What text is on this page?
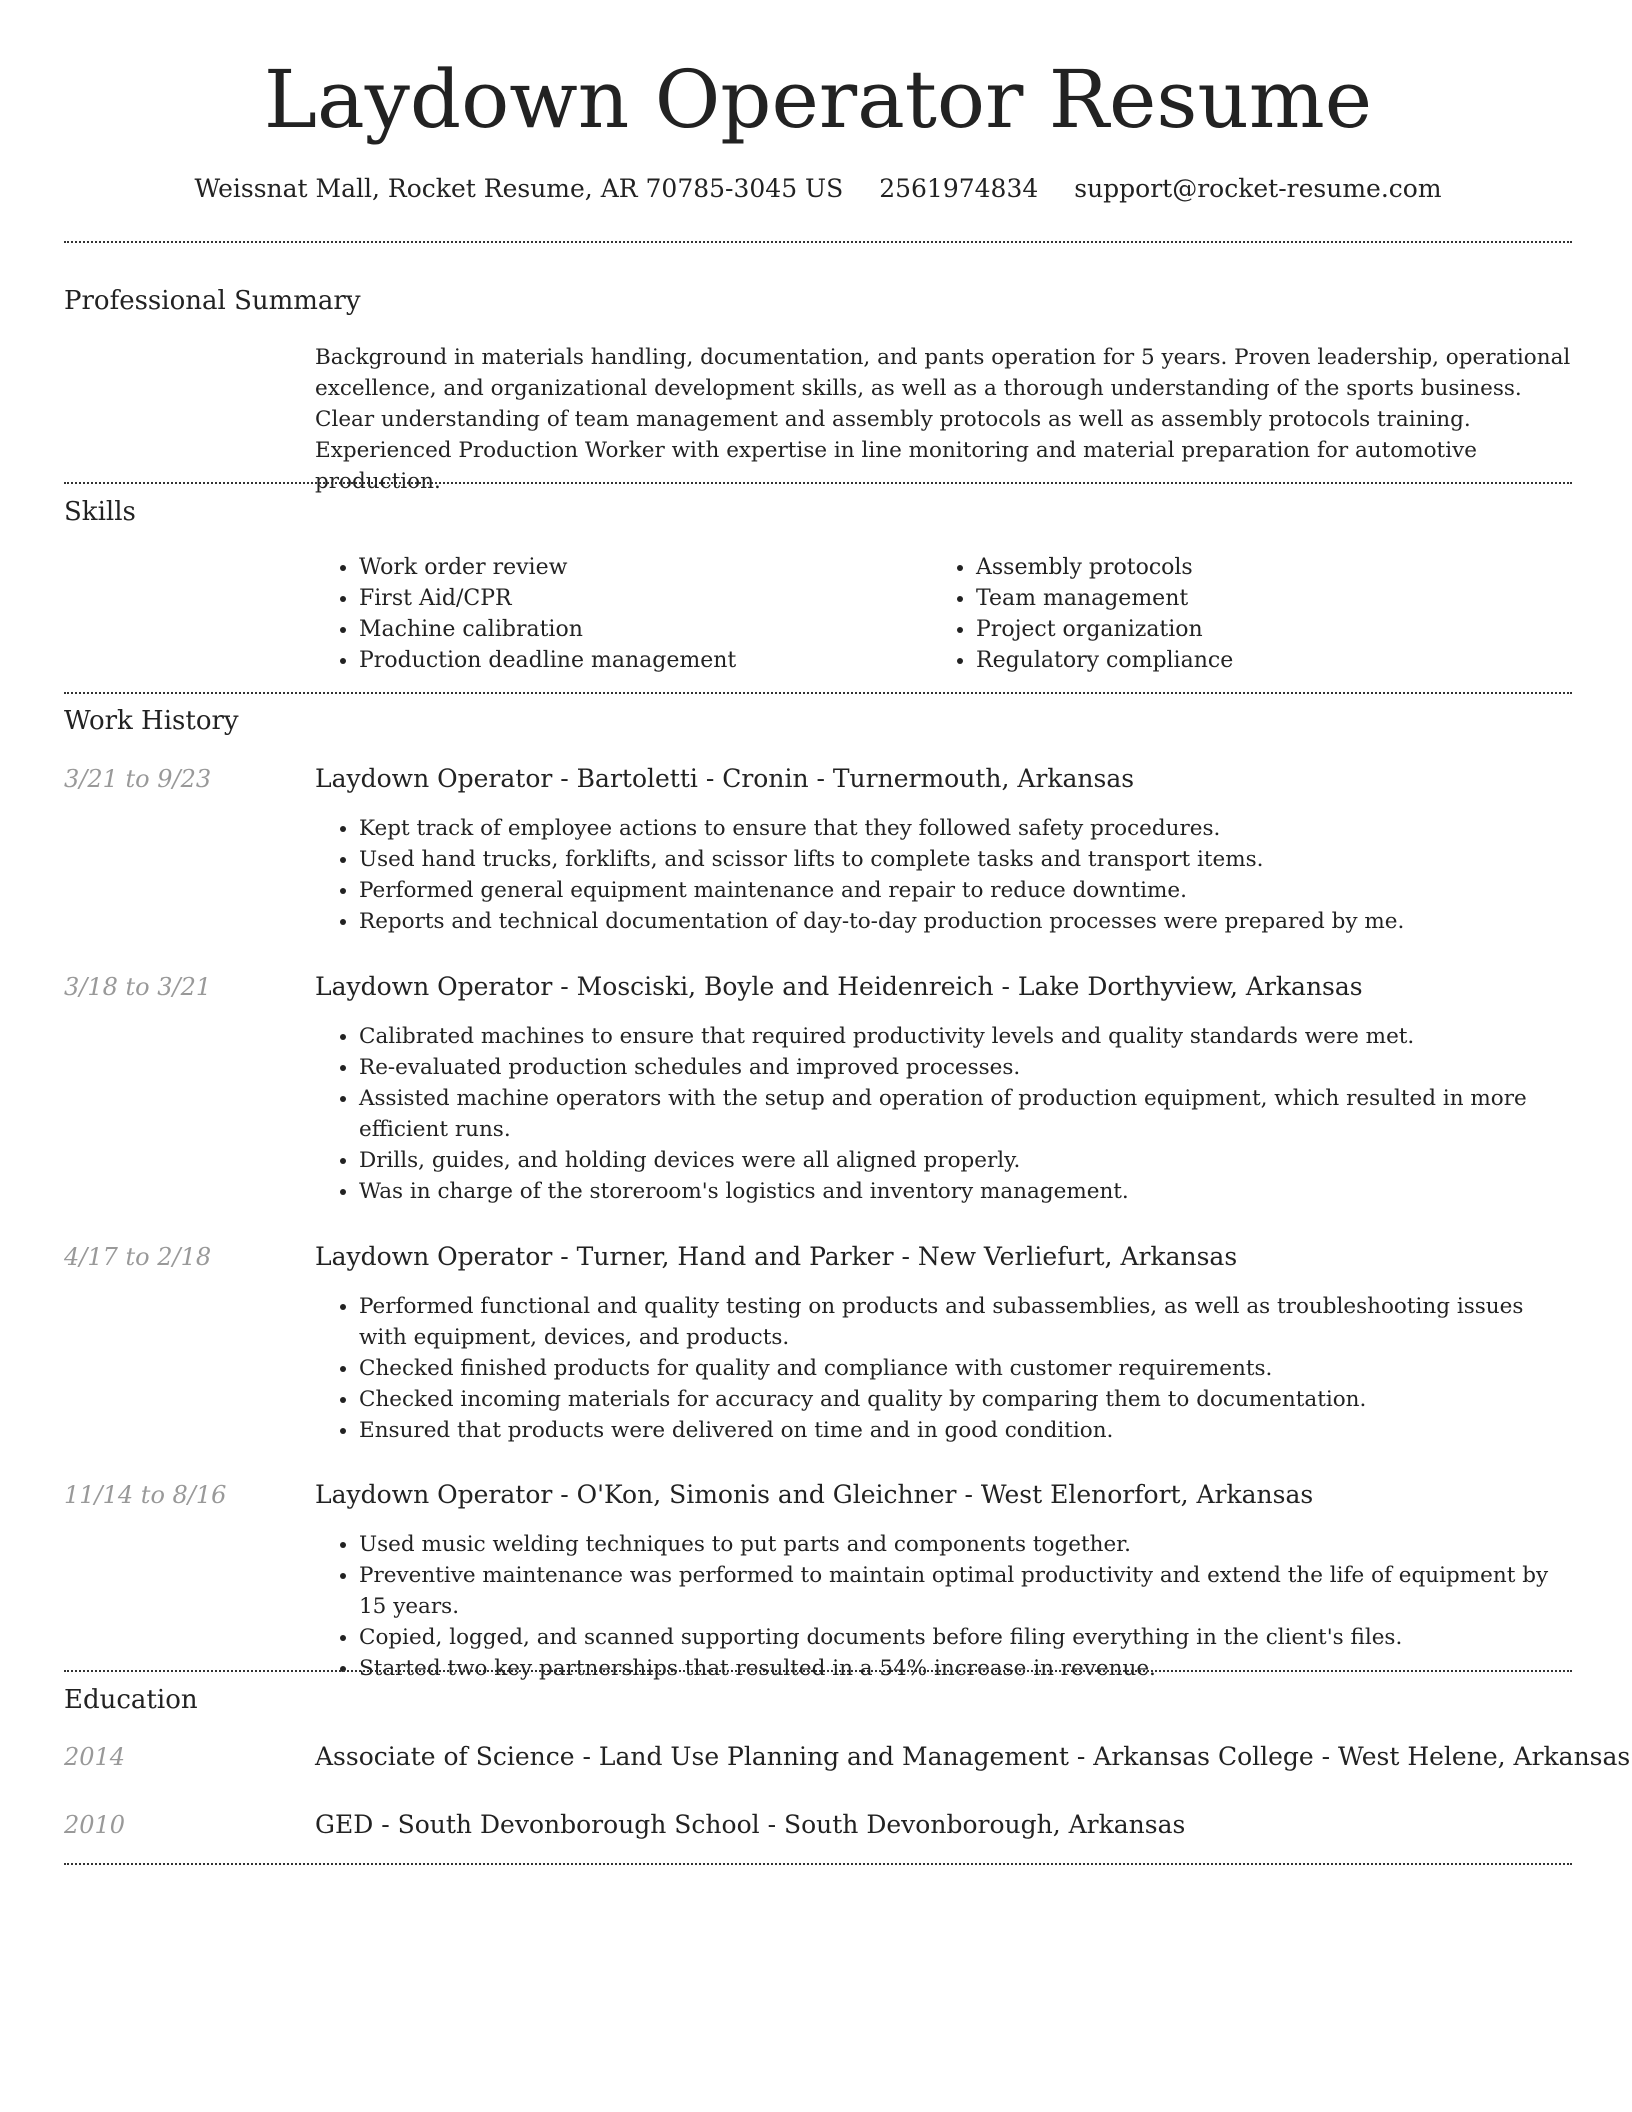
Laydown Operator Resume
Weissnat Mall, Rocket Resume, AR 70785-3045 US 2561974834 support@rocket-resume.com
Professional Summary

Background in materials handling, documentation, and pants operation for 5 years. Proven leadership, operational excellence, and organizational development skills, as well as a thorough understanding of the sports business. Clear understanding of team management and assembly protocols as well as assembly protocols training. Experienced Production Worker with expertise in line monitoring and material preparation for automotive production.

Skills
• Work order review
• First Aid/CPR
• Machine calibration
• Production deadline management
• Assembly protocols
• Team management
• Project organization
• Regulatory compliance
Work History
3/21 to 9/23	Laydown Operator - Bartoletti - Cronin - Turnermouth, Arkansas
• Kept track of employee actions to ensure that they followed safety procedures.
• Used hand trucks, forklifts, and scissor lifts to complete tasks and transport items.
• Performed general equipment maintenance and repair to reduce downtime.
• Reports and technical documentation of day-to-day production processes were prepared by me.
3/18 to 3/21	Laydown Operator - Mosciski, Boyle and Heidenreich - Lake Dorthyview, Arkansas
• Calibrated machines to ensure that required productivity levels and quality standards were met.
• Re-evaluated production schedules and improved processes.
• Assisted machine operators with the setup and operation of production equipment, which resulted in more efficient runs.
• Drills, guides, and holding devices were all aligned properly.
• Was in charge of the storeroom's logistics and inventory management.
4/17 to 2/18	Laydown Operator - Turner, Hand and Parker - New Verliefurt, Arkansas
• Performed functional and quality testing on products and subassemblies, as well as troubleshooting issues with equipment, devices, and products.
• Checked finished products for quality and compliance with customer requirements.
• Checked incoming materials for accuracy and quality by comparing them to documentation.
• Ensured that products were delivered on time and in good condition.
11/14 to 8/16	Laydown Operator - O'Kon, Simonis and Gleichner - West Elenorfort, Arkansas
• Used music welding techniques to put parts and components together.
• Preventive maintenance was performed to maintain optimal productivity and extend the life of equipment by 15 years.
• Copied, logged, and scanned supporting documents before filing everything in the client's files.
• Started two key partnerships that resulted in a 54% increase in revenue.
Education
2014	Associate of Science - Land Use Planning and Management - Arkansas College - West Helene, Arkansas
2010	GED - South Devonborough School - South Devonborough, Arkansas
